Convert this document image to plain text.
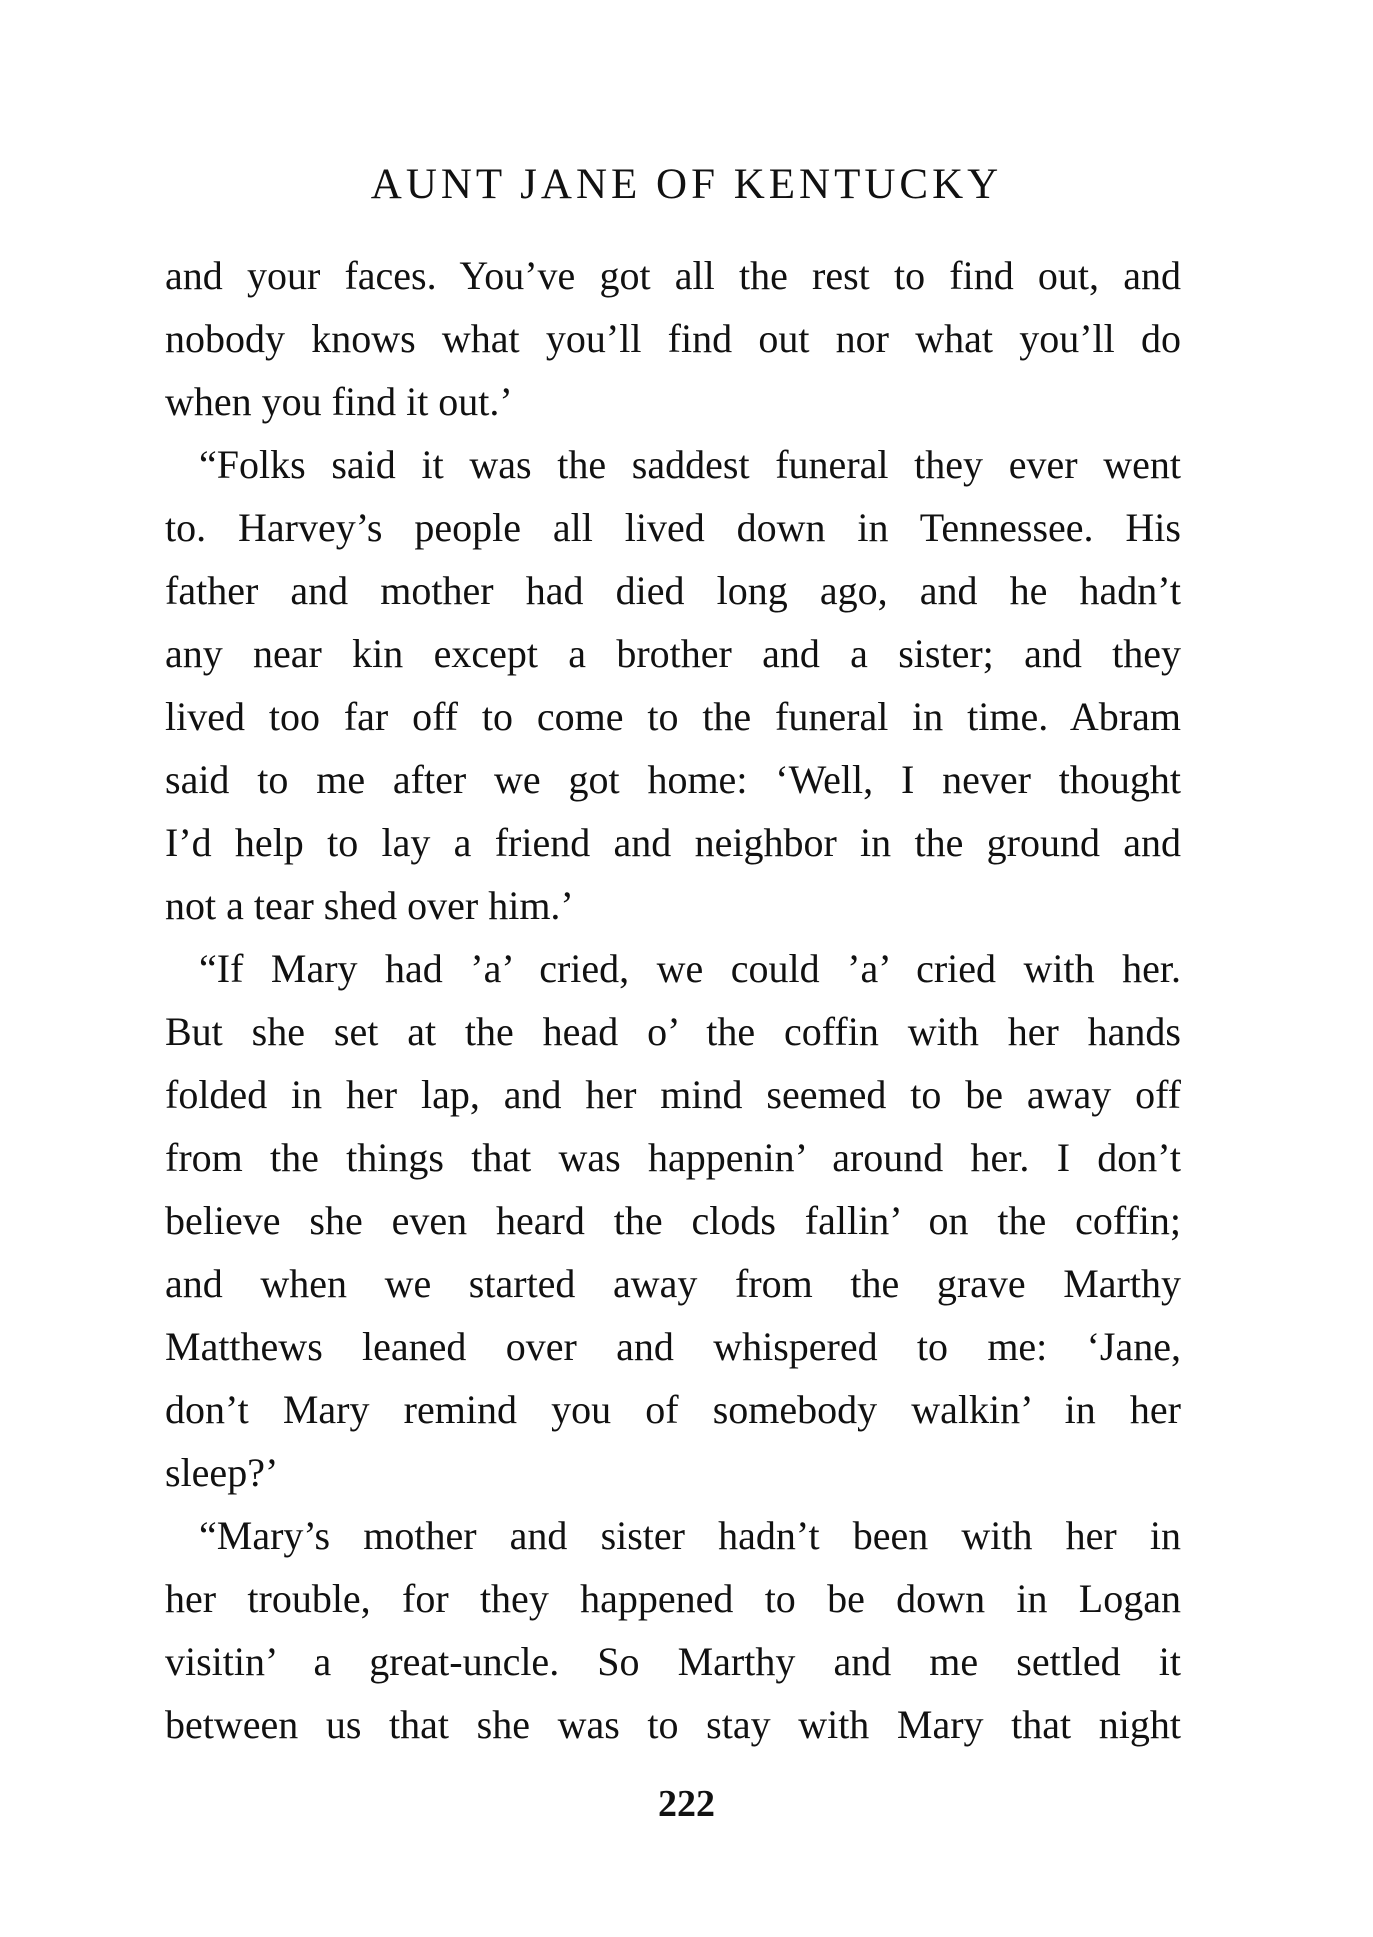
AUNT JANE OF KENTUCKY
and your faces. You’ve got all the rest to find out, and
nobody knows what you’ll find out nor what you’ll do
when you find it out.’
“Folks said it was the saddest funeral they ever went
to. Harvey’s people all lived down in Tennessee. His
father and mother had died long ago, and he hadn’t
any near kin except a brother and a sister; and they
lived too far off to come to the funeral in time. Abram
said to me after we got home: ‘Well, I never thought
I’d help to lay a friend and neighbor in the ground and
not a tear shed over him.’
“If Mary had ’a’ cried, we could ’a’ cried with her.
But she set at the head o’ the coffin with her hands
folded in her lap, and her mind seemed to be away off
from the things that was happenin’ around her. I don’t
believe she even heard the clods fallin’ on the coffin;
and when we started away from the grave Marthy
Matthews leaned over and whispered to me: ‘Jane,
don’t Mary remind you of somebody walkin’ in her
sleep?’
“Mary’s mother and sister hadn’t been with her in
her trouble, for they happened to be down in Logan
visitin’ a great-uncle. So Marthy and me settled it
between us that she was to stay with Mary that night
222
